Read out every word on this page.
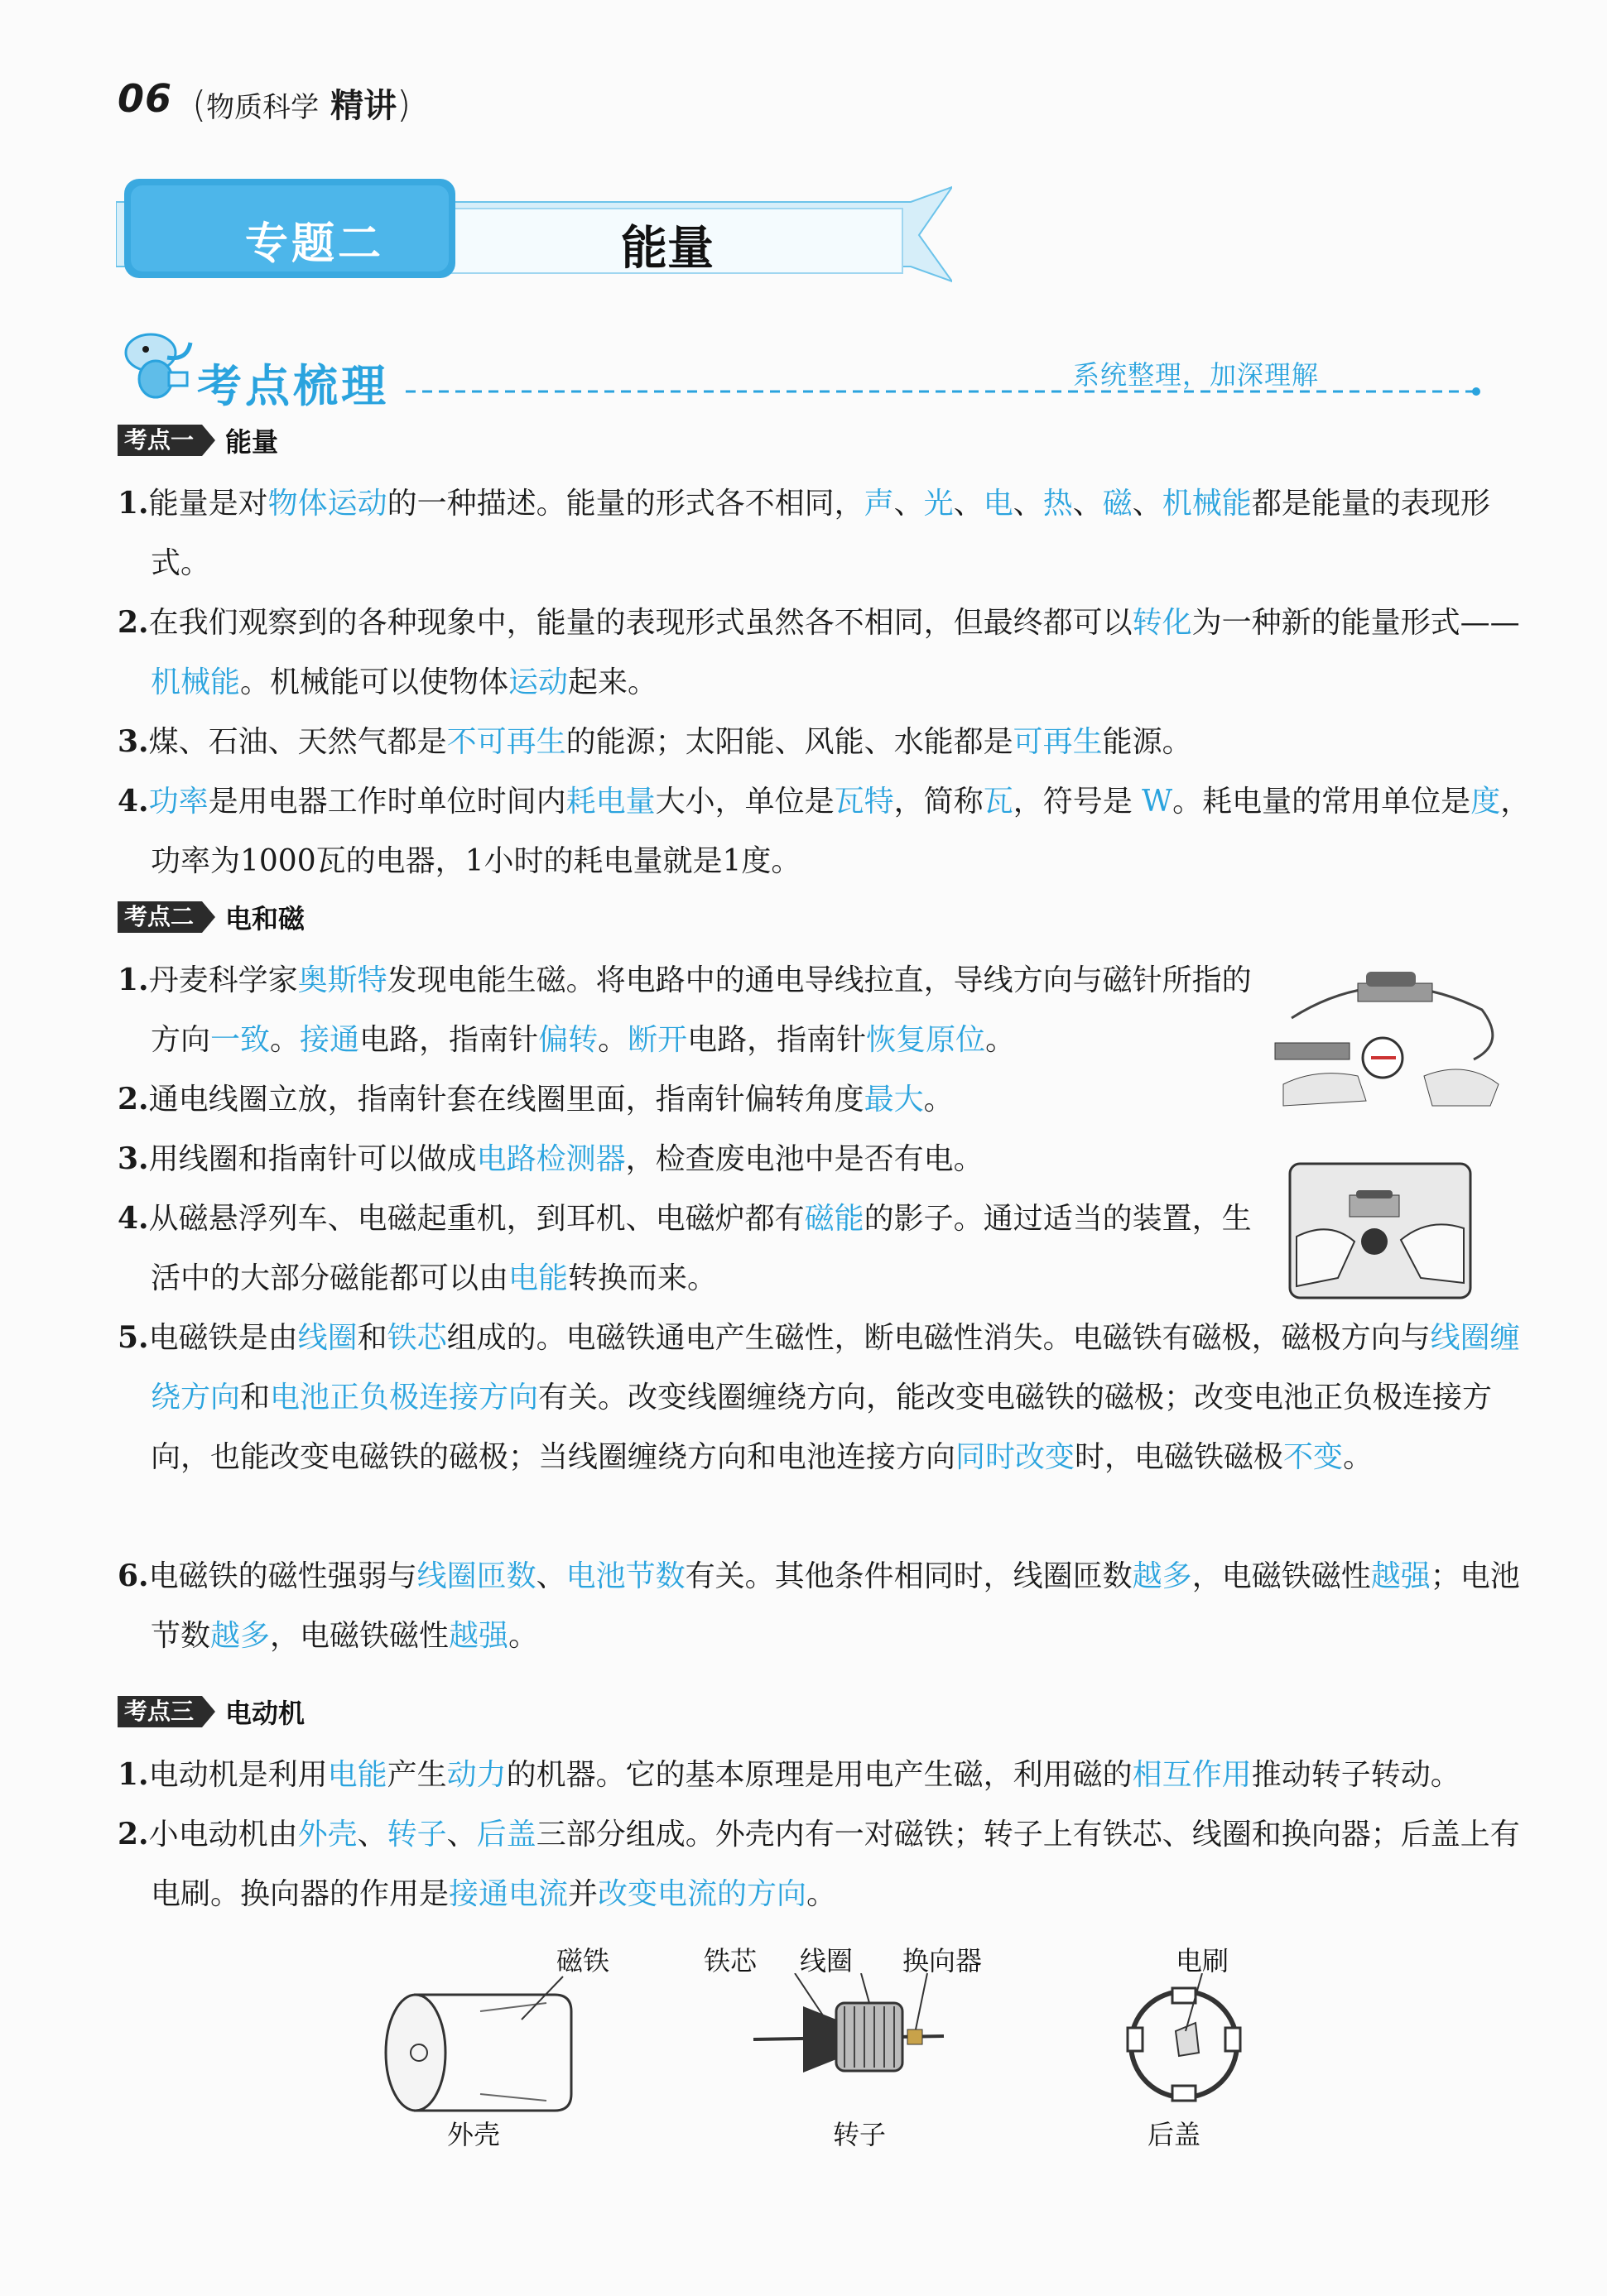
06 (物质科学 精讲)
专题二	能量
考点梳理	系统整理，加深理解
考点一	能量
1.能量是对物体运动的一种描述。能量的形式各不相同，声、光、电、热、磁、机械能都是能量的表现形式。
2.在我们观察到的各种现象中，能量的表现形式虽然各不相同，但最终都可以转化为一种新的能量形式——机械能。机械能可以使物体运动起来。
3.煤、石油、天然气都是不可再生的能源；太阳能、风能、水能都是可再生能源。
4.功率是用电器工作时单位时间内耗电量大小，单位是瓦特，简称瓦，符号是 W。耗电量的常用单位是度，功率为1000瓦的电器，1小时的耗电量就是1度。
考点二	电和磁
1.丹麦科学家奥斯特发现电能生磁。将电路中的通电导线拉直，导线方向与磁针所指的方向一致。接通电路，指南针偏转。断开电路，指南针恢复原位。
2.通电线圈立放，指南针套在线圈里面，指南针偏转角度最大。
3.用线圈和指南针可以做成电路检测器，检查废电池中是否有电。
4.从磁悬浮列车、电磁起重机，到耳机、电磁炉都有磁能的影子。通过适当的装置，生活中的大部分磁能都可以由电能转换而来。
5.电磁铁是由线圈和铁芯组成的。电磁铁通电产生磁性，断电磁性消失。电磁铁有磁极，磁极方向与线圈缠绕方向和电池正负极连接方向有关。改变线圈缠绕方向，能改变电磁铁的磁极；改变电池正负极连接方向，也能改变电磁铁的磁极；当线圈缠绕方向和电池连接方向同时改变时，电磁铁磁极不变。
6.电磁铁的磁性强弱与线圈匝数、电池节数有关。其他条件相同时，线圈匝数越多，电磁铁磁性越强；电池节数越多，电磁铁磁性越强。
考点三	电动机
1.电动机是利用电能产生动力的机器。它的基本原理是用电产生磁，利用磁的相互作用推动转子转动。
2.小电动机由外壳、转子、后盖三部分组成。外壳内有一对磁铁；转子上有铁芯、线圈和换向器；后盖上有电刷。换向器的作用是接通电流并改变电流的方向。
磁铁
外壳
铁芯 线圈 换向器
转子
电刷
后盖
